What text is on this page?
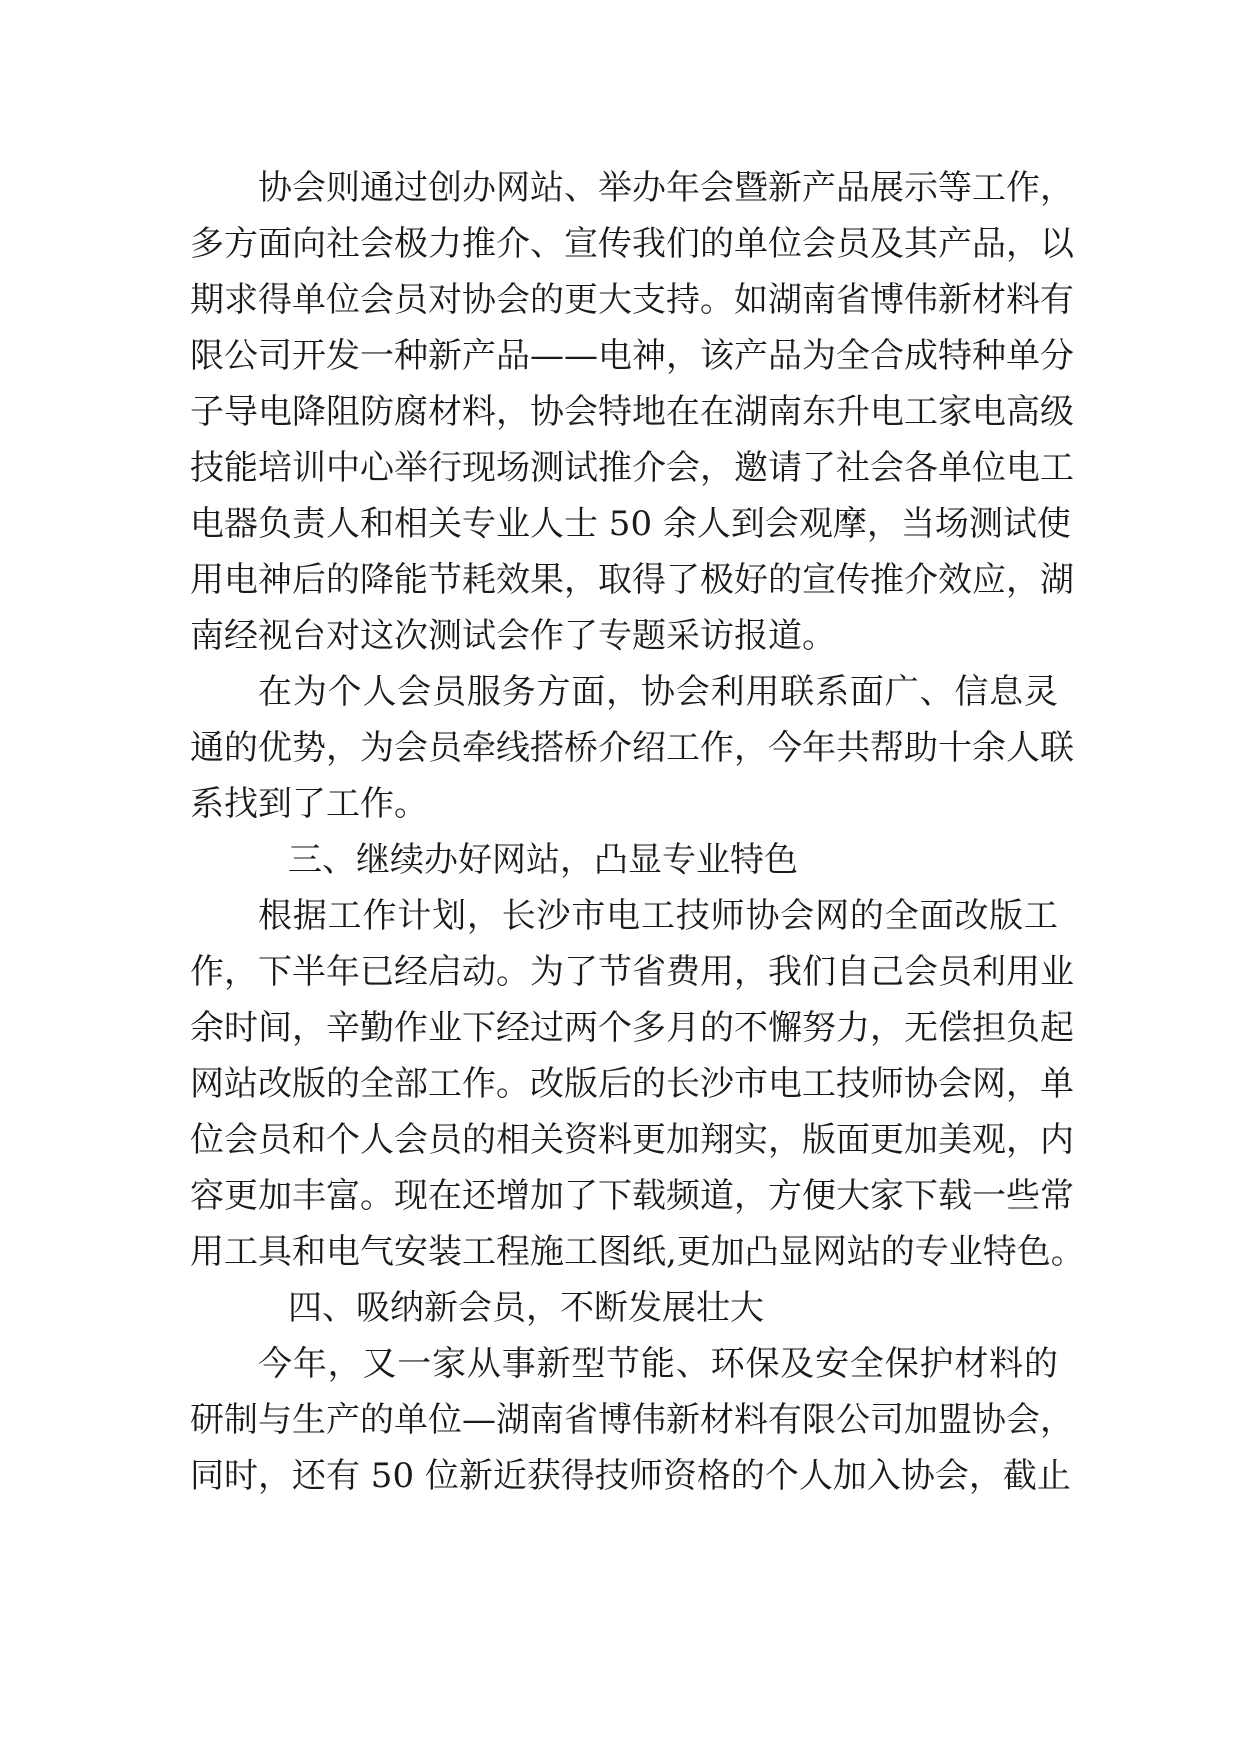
协会则通过创办网站、举办年会暨新产品展示等工作，
多方面向社会极力推介、宣传我们的单位会员及其产品，以
期求得单位会员对协会的更大支持。如湖南省博伟新材料有
限公司开发一种新产品——电神，该产品为全合成特种单分
子导电降阻防腐材料，协会特地在在湖南东升电工家电高级
技能培训中心举行现场测试推介会，邀请了社会各单位电工
电器负责人和相关专业人士 50 余人到会观摩，当场测试使
用电神后的降能节耗效果，取得了极好的宣传推介效应，湖
南经视台对这次测试会作了专题采访报道。
在为个人会员服务方面，协会利用联系面广、信息灵
通的优势，为会员牵线搭桥介绍工作，今年共帮助十余人联
系找到了工作。
三、继续办好网站，凸显专业特色
根据工作计划，长沙市电工技师协会网的全面改版工
作，下半年已经启动。为了节省费用，我们自己会员利用业
余时间，辛勤作业下经过两个多月的不懈努力，无偿担负起
网站改版的全部工作。改版后的长沙市电工技师协会网，单
位会员和个人会员的相关资料更加翔实，版面更加美观，内
容更加丰富。现在还增加了下载频道，方便大家下载一些常
用工具和电气安装工程施工图纸,更加凸显网站的专业特色。
四、吸纳新会员，不断发展壮大
今年，又一家从事新型节能、环保及安全保护材料的
研制与生产的单位—湖南省博伟新材料有限公司加盟协会，
同时，还有 50 位新近获得技师资格的个人加入协会，截止
